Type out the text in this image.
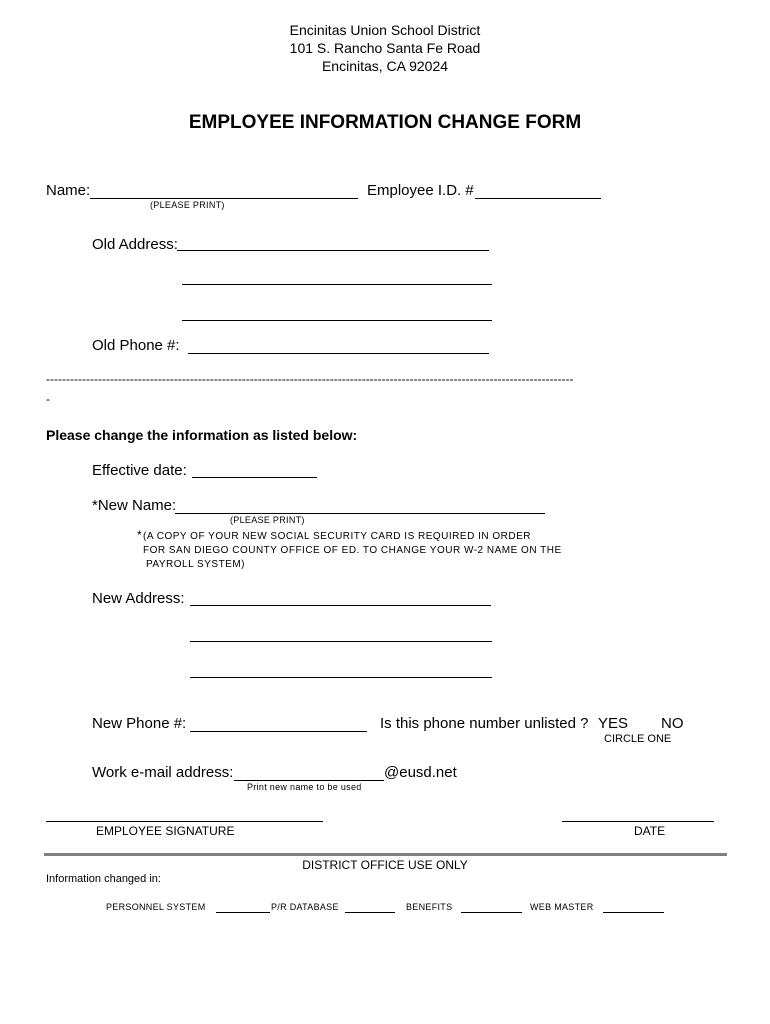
Encinitas Union School District
101 S. Rancho Santa Fe Road
Encinitas, CA 92024
EMPLOYEE INFORMATION CHANGE FORM
Name:
(PLEASE PRINT)
Employee I.D. #
Old Address:
Old Phone #:
------------------------------------------------------------------------------------------------------------------------------------
-
Please change the information as listed below:
Effective date:
*New Name:
(PLEASE PRINT)
* (A COPY OF YOUR NEW SOCIAL SECURITY CARD IS REQUIRED IN ORDER
FOR SAN DIEGO COUNTY OFFICE OF ED. TO CHANGE YOUR W-2 NAME ON THE
PAYROLL SYSTEM)
New Address:
New Phone #:	Is this phone number unlisted ? YES NO
CIRCLE ONE
Work e-mail address:	@eusd.net
Print new name to be used
EMPLOYEE SIGNATURE	DATE
DISTRICT OFFICE USE ONLY
Information changed in:
PERSONNEL SYSTEM	P/R DATABASE	BENEFITS	WEB MASTER
